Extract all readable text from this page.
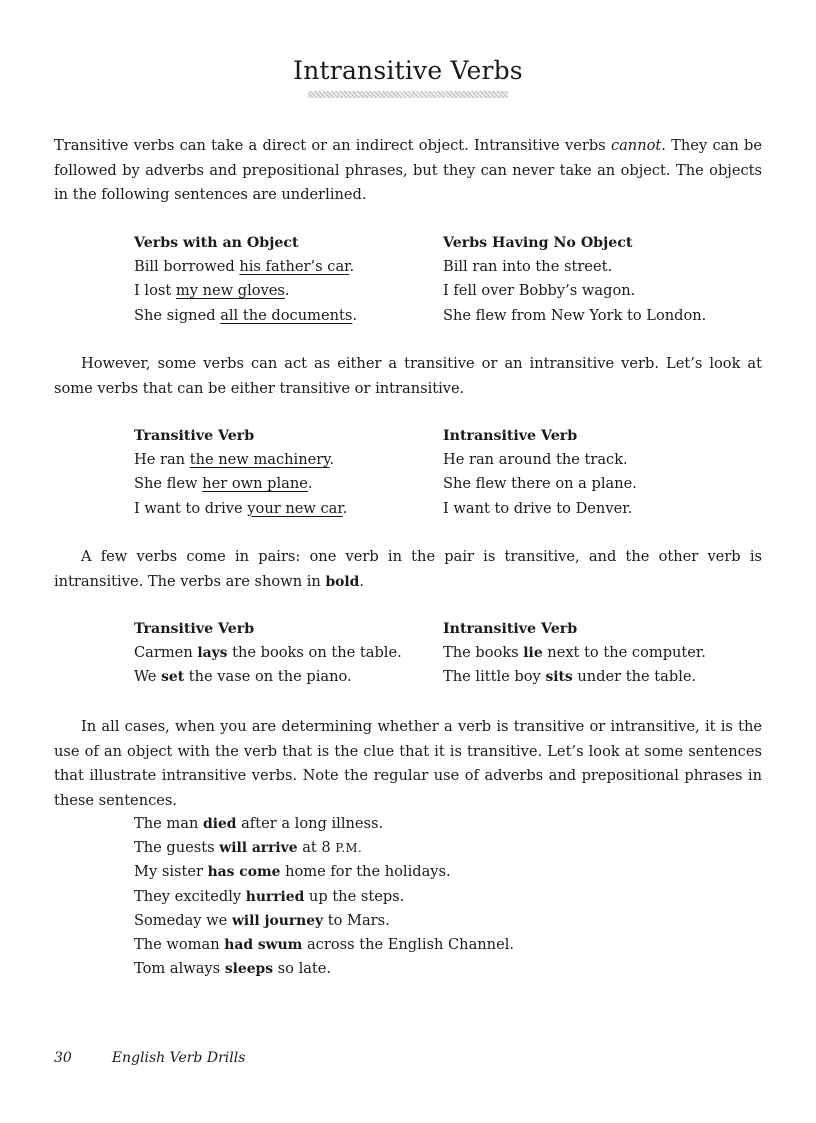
Intransitive Verbs

Transitive verbs can take a direct or an indirect object. Intransitive verbs cannot. They can be followed by adverbs and prepositional phrases, but they can never take an object. The objects in the following sentences are underlined.

Verbs with an Object
Bill borrowed his father’s car.
I lost my new gloves.
She signed all the documents.
Verbs Having No Object
Bill ran into the street.
I fell over Bobby’s wagon.
She flew from New York to London.

However, some verbs can act as either a transitive or an intransitive verb. Let’s look at some verbs that can be either transitive or intransitive.

Transitive Verb
He ran the new machinery.
She flew her own plane.
I want to drive your new car.
Intransitive Verb
He ran around the track.
She flew there on a plane.
I want to drive to Denver.

A few verbs come in pairs: one verb in the pair is transitive, and the other verb is intransitive. The verbs are shown in bold.

Transitive Verb
Carmen lays the books on the table.
We set the vase on the piano.
Intransitive Verb
The books lie next to the computer.
The little boy sits under the table.

In all cases, when you are determining whether a verb is transitive or intransitive, it is the use of an object with the verb that is the clue that it is transitive. Let’s look at some sentences that illustrate intransitive verbs. Note the regular use of adverbs and prepositional phrases in these sentences.

The man died after a long illness.
The guests will arrive at 8 P.M.
My sister has come home for the holidays.
They excitedly hurried up the steps.
Someday we will journey to Mars.
The woman had swum across the English Channel.
Tom always sleeps so late.
30	English Verb Drills
